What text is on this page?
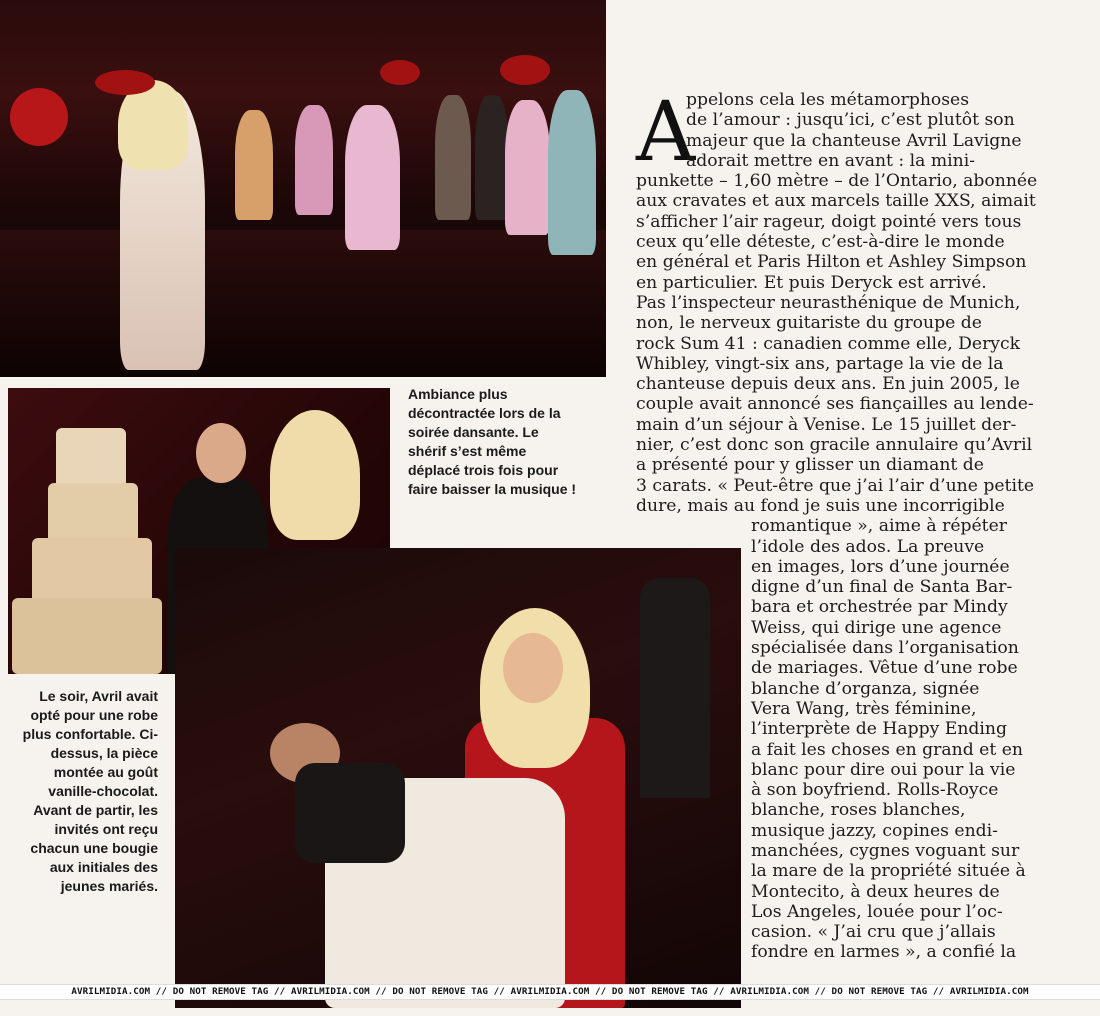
Ambiance plus décontractée lors de la soirée dansante. Le shérif s’est même déplacé trois fois pour faire baisser la musique !
Le soir, Avril avait opté pour une robe plus confortable. Ci-dessus, la pièce montée au goût vanille-chocolat. Avant de partir, les invités ont reçu chacun une bougie aux initiales des jeunes mariés.
A
ppelons cela les métamorphoses
de l’amour : jusqu’ici, c’est plutôt son
majeur que la chanteuse Avril Lavigne
adorait mettre en avant : la mini-
punkette – 1,60 mètre – de l’Ontario, abonnée
aux cravates et aux marcels taille XXS, aimait
s’afficher l’air rageur, doigt pointé vers tous
ceux qu’elle déteste, c’est-à-dire le monde
en général et Paris Hilton et Ashley Simpson
en particulier. Et puis Deryck est arrivé.
Pas l’inspecteur neurasthénique de Munich,
non, le nerveux guitariste du groupe de
rock Sum 41 : canadien comme elle, Deryck
Whibley, vingt-six ans, partage la vie de la
chanteuse depuis deux ans. En juin 2005, le
couple avait annoncé ses fiançailles au lende-
main d’un séjour à Venise. Le 15 juillet der-
nier, c’est donc son gracile annulaire qu’Avril
a présenté pour y glisser un diamant de
3 carats. « Peut-être que j’ai l’air d’une petite
dure, mais au fond je suis une incorrigible
romantique », aime à répéter
l’idole des ados. La preuve
en images, lors d’une journée
digne d’un final de Santa Bar-
bara et orchestrée par Mindy
Weiss, qui dirige une agence
spécialisée dans l’organisation
de mariages. Vêtue d’une robe
blanche d’organza, signée
Vera Wang, très féminine,
l’interprète de Happy Ending
a fait les choses en grand et en
blanc pour dire oui pour la vie
à son boyfriend. Rolls-Royce
blanche, roses blanches,
musique jazzy, copines endi-
manchées, cygnes voguant sur
la mare de la propriété située à
Montecito, à deux heures de
Los Angeles, louée pour l’oc-
casion. « J’ai cru que j’allais
fondre en larmes », a confié la
AVRILMIDIA.COM // DO NOT REMOVE TAG // AVRILMIDIA.COM // DO NOT REMOVE TAG // AVRILMIDIA.COM // DO NOT REMOVE TAG // AVRILMIDIA.COM // DO NOT REMOVE TAG // AVRILMIDIA.COM
